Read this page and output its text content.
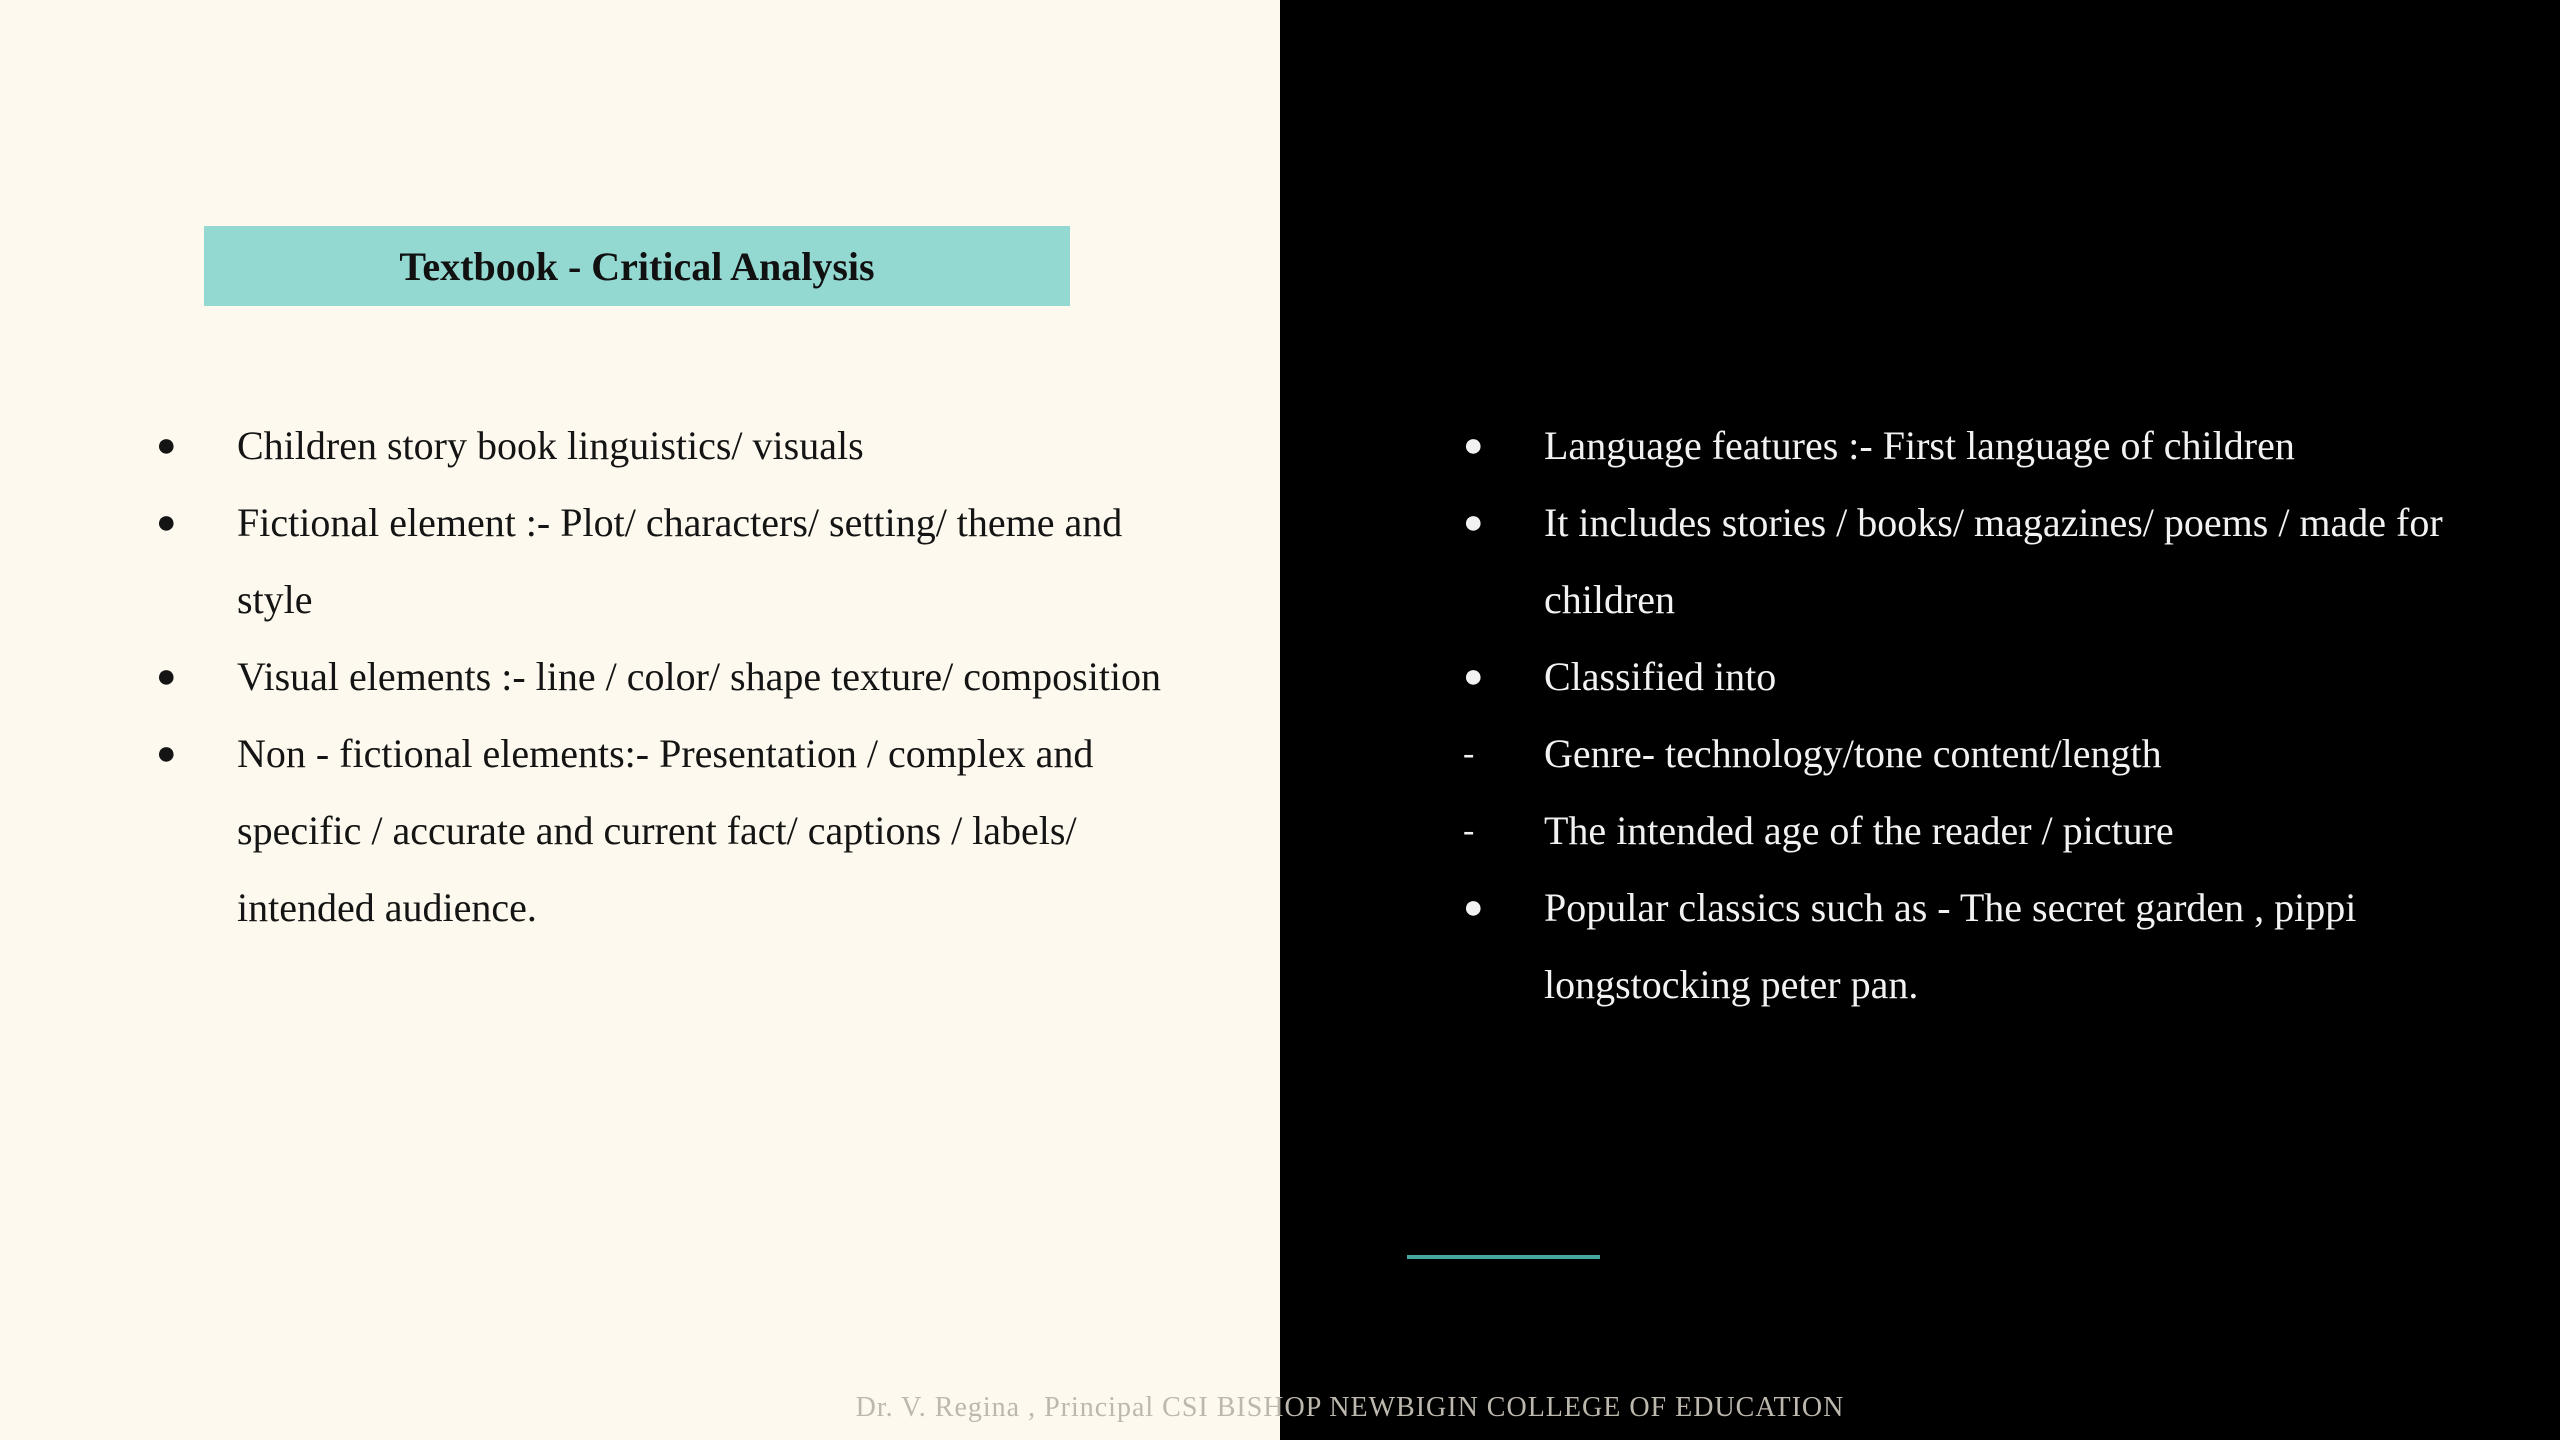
Textbook - Critical Analysis
● Children story book linguistics/ visuals
● Fictional element :- Plot/ characters/ setting/ theme and style
● Visual elements :- line / color/ shape texture/ composition
● Non - fictional elements:- Presentation / complex and specific / accurate and current fact/ captions / labels/ intended audience.
● Language features :- First language of children
● It includes stories / books/ magazines/ poems / made for children
● Classified into
- Genre- technology/tone content/length
- The intended age of the reader / picture
● Popular classics such as - The secret garden , pippi longstocking peter pan.
Dr. V. Regina , Principal CSI BISHOP NEWBIGIN COLLEGE OF EDUCATION
